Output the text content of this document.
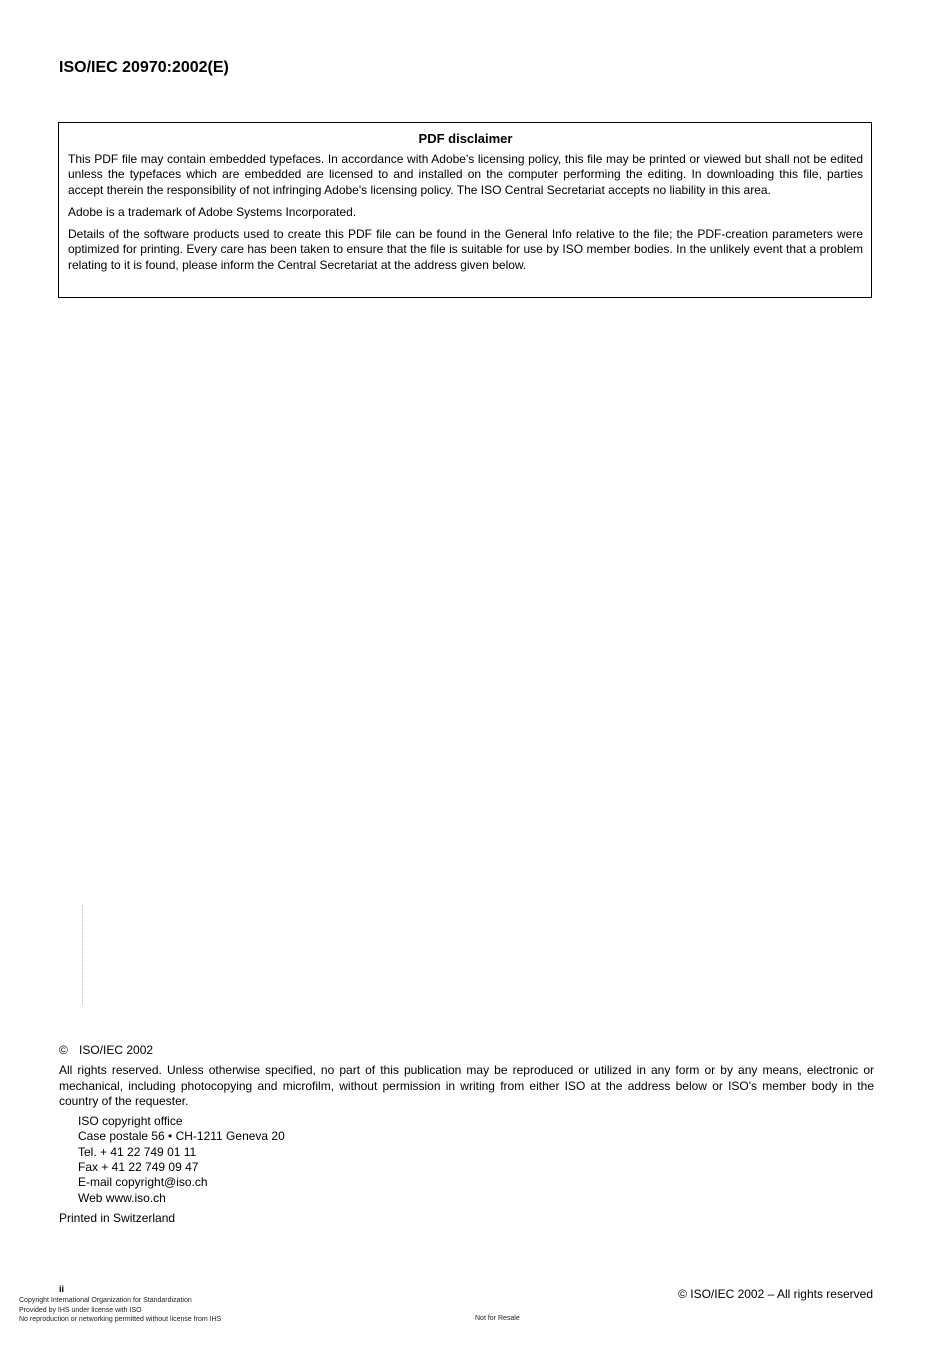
ISO/IEC 20970:2002(E)

PDF disclaimer

This PDF file may contain embedded typefaces. In accordance with Adobe's licensing policy, this file may be printed or viewed but shall not be edited unless the typefaces which are embedded are licensed to and installed on the computer performing the editing. In downloading this file, parties accept therein the responsibility of not infringing Adobe's licensing policy. The ISO Central Secretariat accepts no liability in this area.

Adobe is a trademark of Adobe Systems Incorporated.

Details of the software products used to create this PDF file can be found in the General Info relative to the file; the PDF-creation parameters were optimized for printing. Every care has been taken to ensure that the file is suitable for use by ISO member bodies. In the unlikely event that a problem relating to it is found, please inform the Central Secretariat at the address given below.

© ISO/IEC 2002

All rights reserved. Unless otherwise specified, no part of this publication may be reproduced or utilized in any form or by any means, electronic or mechanical, including photocopying and microfilm, without permission in writing from either ISO at the address below or ISO's member body in the country of the requester.

ISO copyright office
Case postale 56 • CH-1211 Geneva 20
Tel. + 41 22 749 01 11
Fax + 41 22 749 09 47
E-mail copyright@iso.ch
Web www.iso.ch

Printed in Switzerland

ii
Copyright International Organization for Standardization
Provided by IHS under license with ISO
No reproduction or networking permitted without license from IHS	Not for Resale
© ISO/IEC 2002 – All rights reserved
